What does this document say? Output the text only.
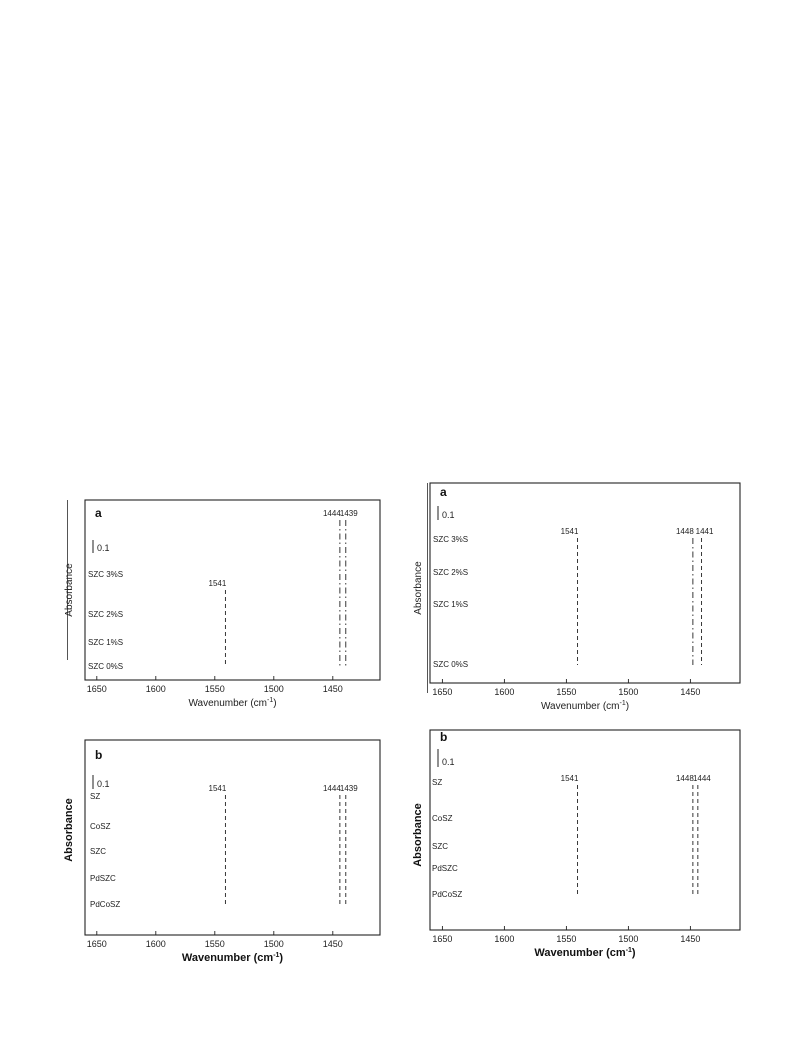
1541
1444 1439
SZC 3%S
SZC 2%S
SZC 1%S
SZC 0%S
1650	1600	1550	1500	1450
Wavenumber $(cm^{-1})$
Absorbance
a
0.1
1541	1448 1441
SZC 3%S
SZC 2%S
SZC 1%S
SZC 0%S
1650	1600	1550	1500	1450
Wavenumber $(cm^{-1})$
Absorbance
a
0.1
1541	1444 1439
SZ
CoSZ
SZC
PdSZC
PdCoSZ
1650	1600	1550	1500	1450
Wavenumber $(cm^{-1})$
Absorbance
b
0.1
1541	1448 1444
SZ
CoSZ
SZC
PdSZC
PdCoSZ
1650	1600	1550	1500	1450
Wavenumber $(cm^{-1})$
Absorbance
b
0.1
